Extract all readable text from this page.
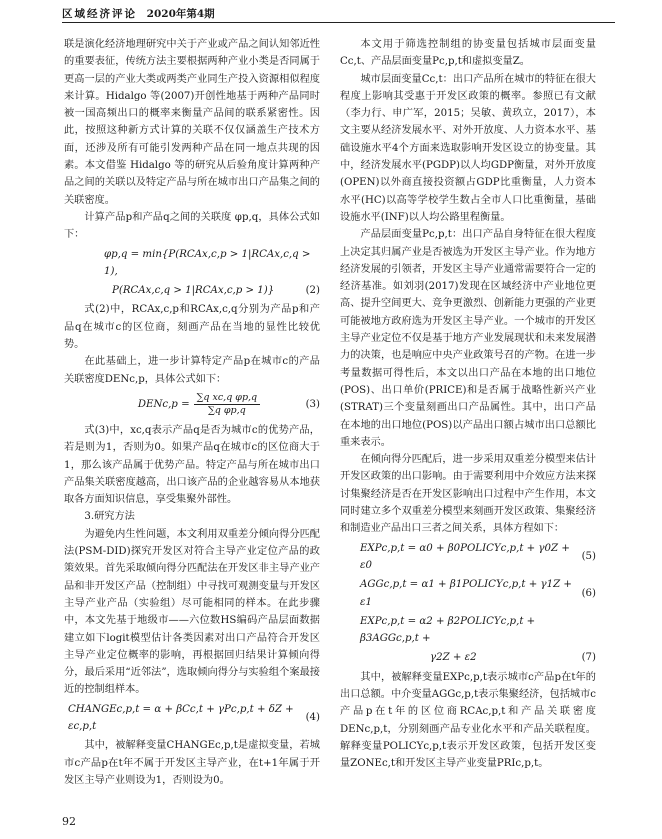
区域经济评论 2020年第4期

联是演化经济地理研究中关于产业或产品之间认知邻近性的重要表征，传统方法主要根据两种产业小类是否同属于更高一层的产业大类或两类产业同生产投入资源相似程度来计算。Hidalgo 等(2007)开创性地基于两种产品同时被一国高频出口的概率来衡量产品间的联系紧密性。因此，按照这种新方式计算的关联不仅仅涵盖生产技术方面，还涉及所有可能引发两种产品在同一地点共现的因素。本文借鉴 Hidalgo 等的研究从后验角度计算两种产品之间的关联以及特定产品与所在城市出口产品集之间的关联密度。

计算产品p和产品q之间的关联度 φp,q，具体公式如下：

φp,q = min{P(RCAx,c,p > 1|RCAx,c,q > 1),
P(RCAx,c,q > 1|RCAx,c,p > 1)}	(2)

式(2)中，RCAx,c,p和RCAx,c,q分别为产品p和产品q在城市c的区位商，刻画产品在当地的显性比较优势。

在此基础上，进一步计算特定产品p在城市c的产品关联密度DENc,p，具体公式如下：

DENc,p = $\frac{\text{∑q xc,q φp,q}}{\text{∑q φp,q}}$	(3)

式(3)中，xc,q表示产品q是否为城市c的优势产品，若是则为1，否则为0。如果产品q在城市c的区位商大于1，那么该产品属于优势产品。特定产品与所在城市出口产品集关联密度越高，出口该产品的企业越容易从本地获取各方面知识信息，享受集聚外部性。

3.研究方法

为避免内生性问题，本文利用双重差分倾向得分匹配法(PSM-DID)探究开发区对符合主导产业定位产品的政策效果。首先采取倾向得分匹配法在开发区非主导产业产品和非开发区产品（控制组）中寻找可观测变量与开发区主导产业产品（实验组）尽可能相同的样本。在此步骤中，本文先基于地级市——六位数HS编码产品层面数据建立如下logit模型估计各类因素对出口产品符合开发区主导产业定位概率的影响，再根据回归结果计算倾向得分，最后采用“近邻法”，选取倾向得分与实验组个案最接近的控制组样本。

CHANGEc,p,t = α + βCc,t + γPc,p,t + δZ + εc,p,t
(4)

其中，被解释变量CHANGEc,p,t是虚拟变量，若城市c产品p在t年不属于开发区主导产业，在t+1年属于开发区主导产业则设为1，否则设为0。

本文用于筛选控制组的协变量包括城市层面变量Cc,t、产品层面变量Pc,p,t和虚拟变量Z。

城市层面变量Cc,t：出口产品所在城市的特征在很大程度上影响其受惠于开发区政策的概率。参照已有文献（李力行、申广军，2015；吴敏、黄玖立，2017），本文主要从经济发展水平、对外开放度、人力资本水平、基础设施水平4个方面来选取影响开发区设立的协变量。其中，经济发展水平(PGDP)以人均GDP衡量，对外开放度(OPEN)以外商直接投资额占GDP比重衡量，人力资本水平(HC)以高等学校学生数占全市人口比重衡量，基础设施水平(INF)以人均公路里程衡量。

产品层面变量Pc,p,t：出口产品自身特征在很大程度上决定其归属产业是否被选为开发区主导产业。作为地方经济发展的引领者，开发区主导产业通常需要符合一定的经济基准。如刘羽(2017)发现在区域经济中产业地位更高、提升空间更大、竞争更激烈、创新能力更强的产业更可能被地方政府选为开发区主导产业。一个城市的开发区主导产业定位不仅是基于地方产业发展现状和未来发展潜力的决策，也是响应中央产业政策号召的产物。在进一步考量数据可得性后，本文以出口产品在本地的出口地位(POS)、出口单价(PRICE)和是否属于战略性新兴产业(STRAT)三个变量刻画出口产品属性。其中，出口产品在本地的出口地位(POS)以产品出口额占城市出口总额比重来表示。

在倾向得分匹配后，进一步采用双重差分模型来估计开发区政策的出口影响。由于需要利用中介效应方法来探讨集聚经济是否在开发区影响出口过程中产生作用，本文同时建立多个双重差分模型来刻画开发区政策、集聚经济和制造业产品出口三者之间关系，具体方程如下：

EXPc,p,t = α0 + β0POLICYc,p,t + γ0Z + ε0
(5)
AGGc,p,t = α1 + β1POLICYc,p,t + γ1Z + ε1
(6)
EXPc,p,t = α2 + β2POLICYc,p,t + β3AGGc,p,t +
γ2Z + ε2	(7)

其中，被解释变量EXPc,p,t表示城市c产品p在t年的出口总额。中介变量AGGc,p,t表示集聚经济，包括城市c产品p在t年的区位商RCAc,p,t和产品关联密度DENc,p,t，分别刻画产品专业化水平和产品关联程度。解释变量POLICYc,p,t表示开发区政策，包括开发区变量ZONEc,t和开发区主导产业变量PRIc,p,t。

92
